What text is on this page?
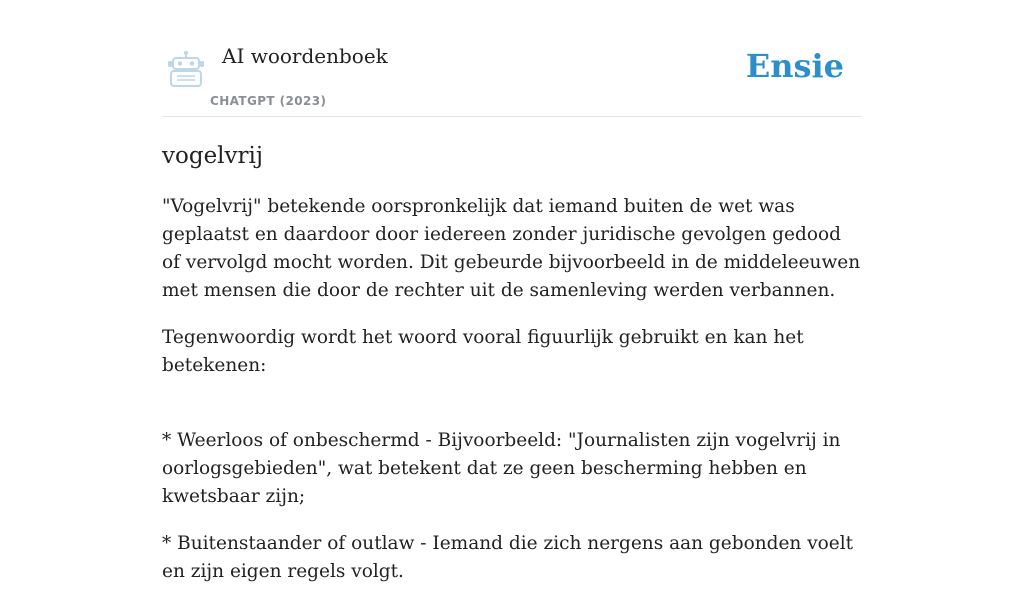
AI woordenboek
CHATGPT (2023)
Ensie
vogelvrij

"Vogelvrij" betekende oorspronkelijk dat iemand buiten de wet was geplaatst en daardoor door iedereen zonder juridische gevolgen gedood of vervolgd mocht worden. Dit gebeurde bijvoorbeeld in de middeleeuwen met mensen die door de rechter uit de samenleving werden verbannen.

Tegenwoordig wordt het woord vooral figuurlijk gebruikt en kan het betekenen:

* Weerloos of onbeschermd - Bijvoorbeeld: "Journalisten zijn vogelvrij in oorlogsgebieden", wat betekent dat ze geen bescherming hebben en kwetsbaar zijn;

* Buitenstaander of outlaw - Iemand die zich nergens aan gebonden voelt en zijn eigen regels volgt.
